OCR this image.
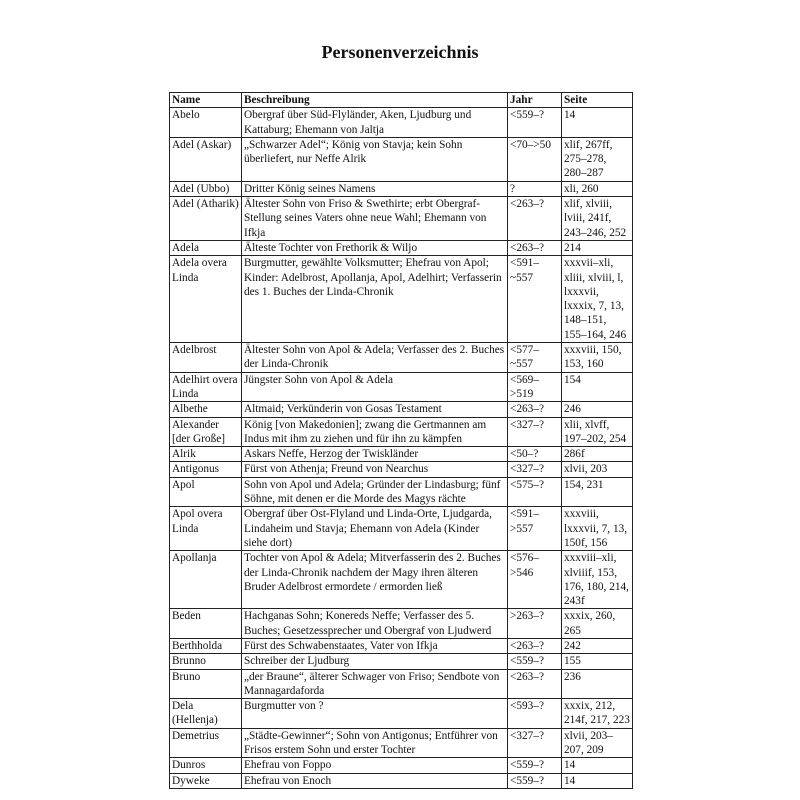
Personenverzeichnis
Name	Beschreibung	Jahr	Seite
Abelo	Obergraf über Süd-Flyländer, Aken, Ljudburg und Kattaburg; Ehemann von Jaltja	<559–?	14
Adel (Askar)	„Schwarzer Adel“; König von Stavja; kein Sohn überliefert, nur Neffe Alrik	<70–>50	xlif, 267ff, 275–278, 280–287
Adel (Ubbo)	Dritter König seines Namens	?	xli, 260
Adel (Atharik)	Ältester Sohn von Friso & Swethirte; erbt Obergraf-Stellung seines Vaters ohne neue Wahl; Ehemann von Ifkja	<263–?	xlif, xlviii, lviii, 241f, 243–246, 252
Adela	Älteste Tochter von Frethorik & Wiljo	<263–?	214
Adela overa Linda	Burgmutter, gewählte Volksmutter; Ehefrau von Apol; Kinder: Adelbrost, Apollanja, Apol, Adelhirt; Verfasserin des 1. Buches der Linda-Chronik	<591–~557	xxxvii–xli, xliii, xlviii, l, lxxxvii, lxxxix, 7, 13, 148–151, 155–164, 246
Adelbrost	Ältester Sohn von Apol & Adela; Verfasser des 2. Buches der Linda-Chronik	<577–~557	xxxviii, 150, 153, 160
Adelhirt overa Linda	Jüngster Sohn von Apol & Adela	<569–>519	154
Albethe	Altmaid; Verkünderin von Gosas Testament	<263–?	246
Alexander [der Große]	König [von Makedonien]; zwang die Gertmannen am Indus mit ihm zu ziehen und für ihn zu kämpfen	<327–?	xlii, xlvff, 197–202, 254
Alrik	Askars Neffe, Herzog der Twiskländer	<50–?	286f
Antigonus	Fürst von Athenja; Freund von Nearchus	<327–?	xlvii, 203
Apol	Sohn von Apol und Adela; Gründer der Lindasburg; fünf Söhne, mit denen er die Morde des Magys rächte	<575–?	154, 231
Apol overa Linda	Obergraf über Ost-Flyland und Linda-Orte, Ljudgarda, Lindaheim und Stavja; Ehemann von Adela (Kinder siehe dort)	<591–>557	xxxviii, lxxxvii, 7, 13, 150f, 156
Apollanja	Tochter von Apol & Adela; Mitverfasserin des 2. Buches der Linda-Chronik nachdem der Magy ihren älteren Bruder Adelbrost ermordete / ermorden ließ	<576–>546	xxxviii–xli, xlviiif, 153, 176, 180, 214, 243f
Beden	Hachganas Sohn; Konereds Neffe; Verfasser des 5. Buches; Gesetzessprecher und Obergraf von Ljudwerd	>263–?	xxxix, 260, 265
Berthholda	Fürst des Schwabenstaates, Vater von Ifkja	<263–?	242
Brunno	Schreiber der Ljudburg	<559–?	155
Bruno	„der Braune“, älterer Schwager von Friso; Sendbote von Mannagardaforda	<263–?	236
Dela (Hellenja)	Burgmutter von ?	<593–?	xxxix, 212, 214f, 217, 223
Demetrius	„Städte-Gewinner“; Sohn von Antigonus; Entführer von Frisos erstem Sohn und erster Tochter	<327–?	xlvii, 203–207, 209
Dunros	Ehefrau von Foppo	<559–?	14
Dyweke	Ehefrau von Enoch	<559–?	14
